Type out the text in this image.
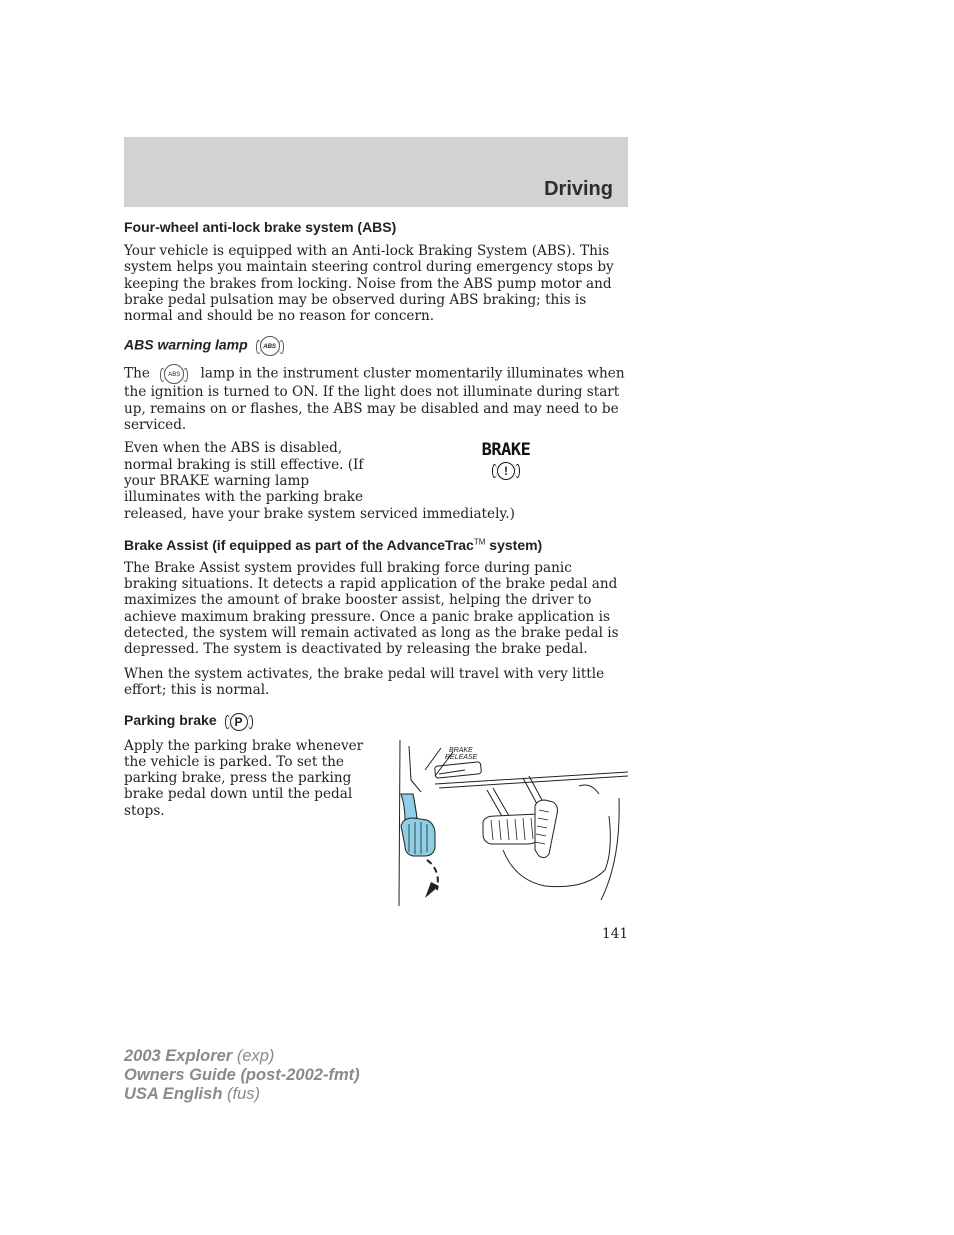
Driving
Four-wheel anti-lock brake system (ABS)

Your vehicle is equipped with an Anti-lock Braking System (ABS). This system helps you maintain steering control during emergency stops by keeping the brakes from locking. Noise from the ABS pump motor and brake pedal pulsation may be observed during ABS braking; this is normal and should be no reason for concern.

ABS warning lamp	ABS

The	ABS lamp in the instrument cluster momentarily illuminates when the ignition is turned to ON. If the light does not illuminate during start up, remains on or flashes, the ABS may be disabled and may need to be serviced.

Even when the ABS is disabled,
normal braking is still effective. (If
your BRAKE warning lamp
illuminates with the parking brake
released, have your brake system serviced immediately.)

BRAKE
!
Brake Assist (if equipped as part of the AdvanceTrac™ system)

The Brake Assist system provides full braking force during panic braking situations. It detects a rapid application of the brake pedal and maximizes the amount of brake booster assist, helping the driver to achieve maximum braking pressure. Once a panic brake application is detected, the system will remain activated as long as the brake pedal is depressed. The system is deactivated by releasing the brake pedal.

When the system activates, the brake pedal will travel with very little effort; this is normal.

Parking brake P

Apply the parking brake whenever
the vehicle is parked. To set the
parking brake, press the parking
brake pedal down until the pedal
stops.

BRAKE
RELEASE
141
2003 Explorer (exp)
Owners Guide (post-2002-fmt)
USA English (fus)
